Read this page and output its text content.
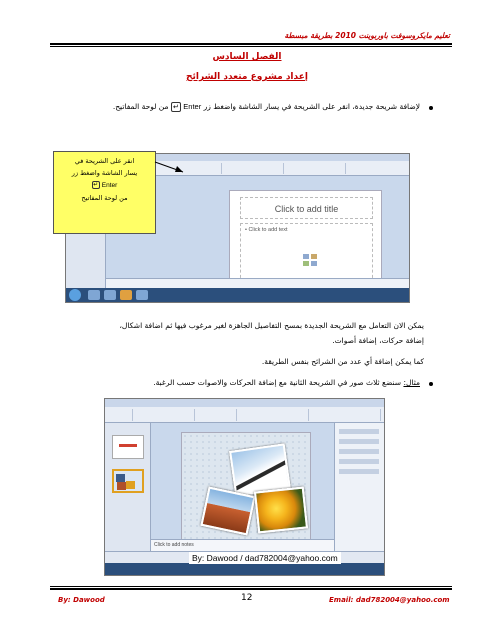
تعليم مايكروسوفت باوربوينت 2010 بطريقة مبسطة
الفصل السادس
إعداد مشروع متعدد الشرائح
لإضافة شريحة جديدة، انقر على الشريحة في يسار الشاشة واضغط زر Enter ↵ من لوحة المفاتيح.
Click to add title
• Click to add text
انقر على الشريحة في
يسار الشاشة واضغط زر
Enter ↵
من لوحة المفاتيح
يمكن الان التعامل مع الشريحة الجديدة بمسح التفاصيل الجاهزة لغير مرغوب فيها ثم اضافة اشكال،
إضافة حركات، إضافة أصوات.
كما يمكن إضافة أي عدد من الشرائح بنفس الطريقة.
مثال: سنضع ثلاث صور في الشريحة الثانية مع إضافة الحركات والاصوات حسب الرغبة.
Click to add notes
By: Dawood / dad782004@yahoo.com
By: Dawood	12	Email: dad782004@yahoo.com
